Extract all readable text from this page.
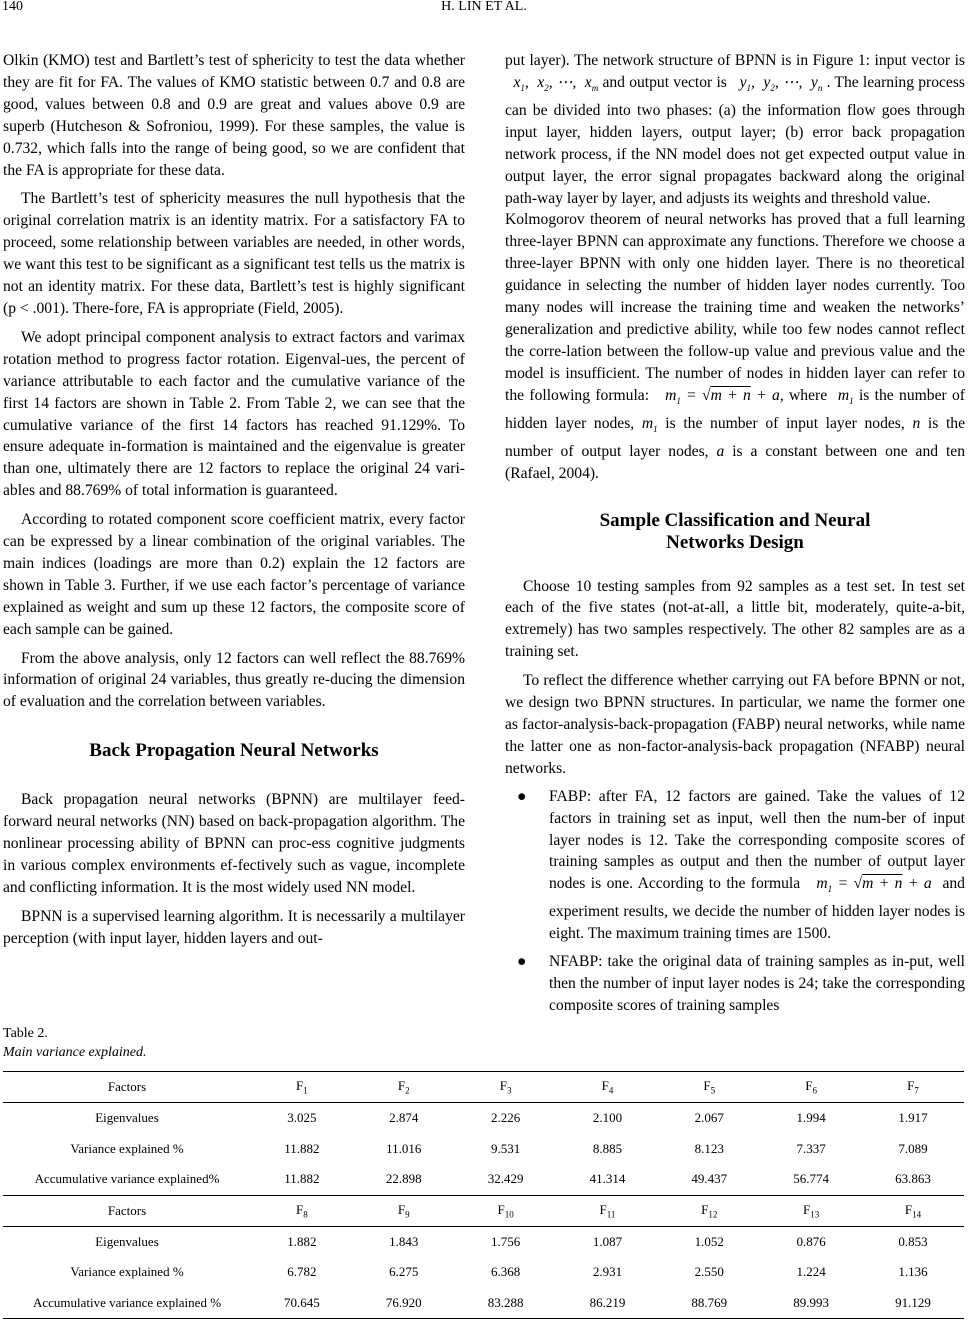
140	H. LIN ET AL.

Olkin (KMO) test and Bartlett’s test of sphericity to test the data whether they are fit for FA. The values of KMO statistic between 0.7 and 0.8 are good, values between 0.8 and 0.9 are great and values above 0.9 are superb (Hutcheson & Sofroniou, 1999). For these samples, the value is 0.732, which falls into the range of being good, so we are confident that the FA is appropriate for these data.

The Bartlett’s test of sphericity measures the null hypothesis that the original correlation matrix is an identity matrix. For a satisfactory FA to proceed, some relationship between variables are needed, in other words, we want this test to be significant as a significant test tells us the matrix is not an identity matrix. For these data, Bartlett’s test is highly significant (p < .001). There-fore, FA is appropriate (Field, 2005).

We adopt principal component analysis to extract factors and varimax rotation method to progress factor rotation. Eigenval-ues, the percent of variance attributable to each factor and the cumulative variance of the first 14 factors are shown in Table 2. From Table 2, we can see that the cumulative variance of the first 14 factors has reached 91.129%. To ensure adequate in-formation is maintained and the eigenvalue is greater than one, ultimately there are 12 factors to replace the original 24 vari-ables and 88.769% of total information is guaranteed.

According to rotated component score coefficient matrix, every factor can be expressed by a linear combination of the original variables. The main indices (loadings are more than 0.2) explain the 12 factors are shown in Table 3. Further, if we use each factor’s percentage of variance explained as weight and sum up these 12 factors, the composite score of each sample can be gained.

From the above analysis, only 12 factors can well reflect the 88.769% information of original 24 variables, thus greatly re-ducing the dimension of evaluation and the correlation between variables.

Back Propagation Neural Networks

Back propagation neural networks (BPNN) are multilayer feed-forward neural networks (NN) based on back-propagation algorithm. The nonlinear processing ability of BPNN can proc-ess cognitive judgments in various complex environments ef-fectively such as vague, incomplete and conflicting information. It is the most widely used NN model.

BPNN is a supervised learning algorithm. It is necessarily a multilayer perception (with input layer, hidden layers and out-

put layer). The network structure of BPNN is in Figure 1: input vector is   $x_1$, $x_2$, ⋯, $x_m$ and output vector is $y_1$, $y_2$, ⋯, $y_n$ . The learning process can be divided into two phases: (a) the information flow goes through input layer, hidden layers, output layer; (b) error back propagation network process, if the NN model does not get expected output value in output layer, the error signal propagates backward along the original path-way layer by layer, and adjusts its weights and threshold value.

Kolmogorov theorem of neural networks has proved that a full learning three-layer BPNN can approximate any functions. Therefore we choose a three-layer BPNN with only one hidden layer. There is no theoretical guidance in selecting the number of hidden layer nodes currently. Too many nodes will increase the training time and weaken the networks’ generalization and predictive ability, while too few nodes cannot reflect the corre-lation between the follow-up value and previous value and the model is insufficient. The number of nodes in hidden layer can refer to the following formula: $m_1 = √m + n + a$, where $m_1$ is the number of hidden layer nodes, $m_1$ is the number of input layer nodes, n is the number of output layer nodes, a is a constant between one and ten (Rafael, 2004).

Sample Classification and Neural
Networks Design

Choose 10 testing samples from 92 samples as a test set. In test set each of the five states (not-at-all, a little bit, moderately, quite-a-bit, extremely) has two samples respectively. The other 82 samples are as a training set.

To reflect the difference whether carrying out FA before BPNN or not, we design two BPNN structures. In particular, we name the former one as factor-analysis-back-propagation (FABP) neural networks, while name the latter one as non-factor-analysis-back propagation (NFABP) neural networks.

● FABP: after FA, 12 factors are gained. Take the values of 12 factors in training set as input, well then the num-ber of input layer nodes is 12. Take the corresponding composite scores of training samples as output and then the number of output layer nodes is one. According to the formula $m_1 = √m + n + a$ and experiment results, we decide the number of hidden layer nodes is eight. The maximum training times are 1500.
● NFABP: take the original data of training samples as in-put, well then the number of input layer nodes is 24; take the corresponding composite scores of training samples
Table 2.
Main variance explained.
Factors	$F_1$	$F_2$	$F_3$	$F_4$	$F_5$	$F_6$	$F_7$
Eigenvalues	3.025	2.874	2.226	2.100	2.067	1.994	1.917
Variance explained %	11.882	11.016	9.531	8.885	8.123	7.337	7.089
Accumulative variance explained%	11.882	22.898	32.429	41.314	49.437	56.774	63.863
Factors	$F_8$	$F_9$	$F_{10}$	$F_{11}$	$F_{12}$	$F_{13}$	$F_{14}$
Eigenvalues	1.882	1.843	1.756	1.087	1.052	0.876	0.853
Variance explained %	6.782	6.275	6.368	2.931	2.550	1.224	1.136
Accumulative variance explained %	70.645	76.920	83.288	86.219	88.769	89.993	91.129
